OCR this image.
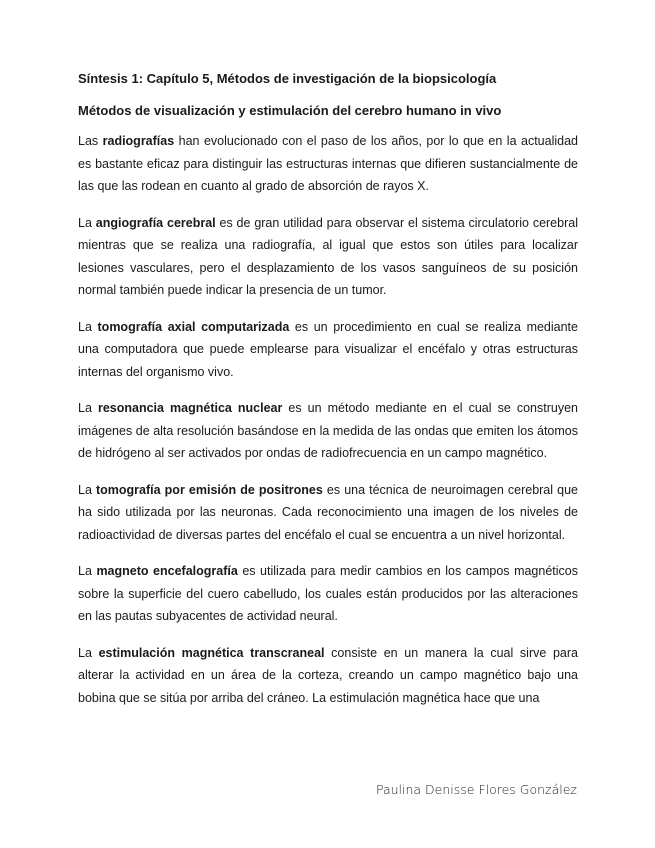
Síntesis 1: Capítulo 5, Métodos de investigación de la biopsicología
Métodos de visualización y estimulación del cerebro humano in vivo

Las radiografías han evolucionado con el paso de los años, por lo que en la actualidad es bastante eficaz para distinguir las estructuras internas que difieren sustancialmente de las que las rodean en cuanto al grado de absorción de rayos X.

La angiografía cerebral es de gran utilidad para observar el sistema circulatorio cerebral mientras que se realiza una radiografía, al igual que estos son útiles para localizar lesiones vasculares, pero el desplazamiento de los vasos sanguíneos de su posición normal también puede indicar la presencia de un tumor.

La tomografía axial computarizada es un procedimiento en cual se realiza mediante una computadora que puede emplearse para visualizar el encéfalo y otras estructuras internas del organismo vivo.

La resonancia magnética nuclear es un método mediante en el cual se construyen imágenes de alta resolución basándose en la medida de las ondas que emiten los átomos de hidrógeno al ser activados por ondas de radiofrecuencia en un campo magnético.

La tomografía por emisión de positrones es una técnica de neuroimagen cerebral que ha sido utilizada por las neuronas. Cada reconocimiento una imagen de los niveles de radioactividad de diversas partes del encéfalo el cual se encuentra a un nivel horizontal.

La magneto encefalografía es utilizada para medir cambios en los campos magnéticos sobre la superficie del cuero cabelludo, los cuales están producidos por las alteraciones en las pautas subyacentes de actividad neural.

La estimulación magnética transcraneal consiste en un manera la cual sirve para alterar la actividad en un área de la corteza, creando un campo magnético bajo una bobina que se sitúa por arriba del cráneo. La estimulación magnética hace que una

Paulina Denisse Flores González
